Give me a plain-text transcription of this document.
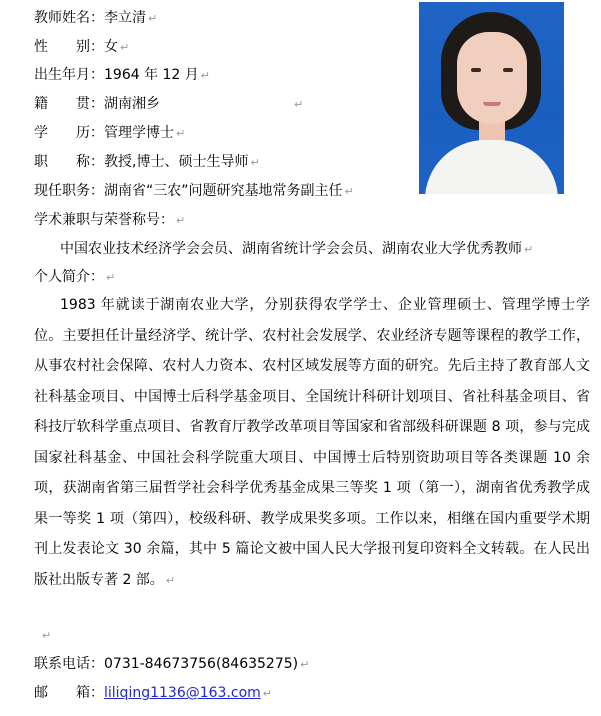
教师姓名：李立清 ↵
性　　别：女 ↵
出生年月：1964 年 12 月 ↵
籍　　贯：湖南湘乡	↵
学　　历：管理学博士 ↵
职　　称：教授,博士、硕士生导师 ↵
现任职务：湖南省“三农”问题研究基地常务副主任 ↵
学术兼职与荣誉称号： ↵
中国农业技术经济学会会员、湖南省统计学会会员、湖南农业大学优秀教师 ↵
个人简介： ↵
1983 年就读于湖南农业大学，分别获得农学学士、企业管理硕士、管理学博士学位。主要担任计量经济学、统计学、农村社会发展学、农业经济专题等课程的教学工作，从事农村社会保障、农村人力资本、农村区域发展等方面的研究。先后主持了教育部人文社科基金项目、中国博士后科学基金项目、全国统计科研计划项目、省社科基金项目、省科技厅软科学重点项目、省教育厅教学改革项目等国家和省部级科研课题 8 项，参与完成国家社科基金、中国社会科学院重大项目、中国博士后特别资助项目等各类课题 10 余项，获湖南省第三届哲学社会科学优秀基金成果三等奖 1 项（第一），湖南省优秀教学成果一等奖 1 项（第四），校级科研、教学成果奖多项。工作以来，相继在国内重要学术期刊上发表论文 30 余篇，其中 5 篇论文被中国人民大学报刊复印资料全文转载。在人民出版社出版专著 2 部。 ↵
↵
联系电话：0731-84673756(84635275) ↵
邮　　箱：liliqing1136@163.com ↵
